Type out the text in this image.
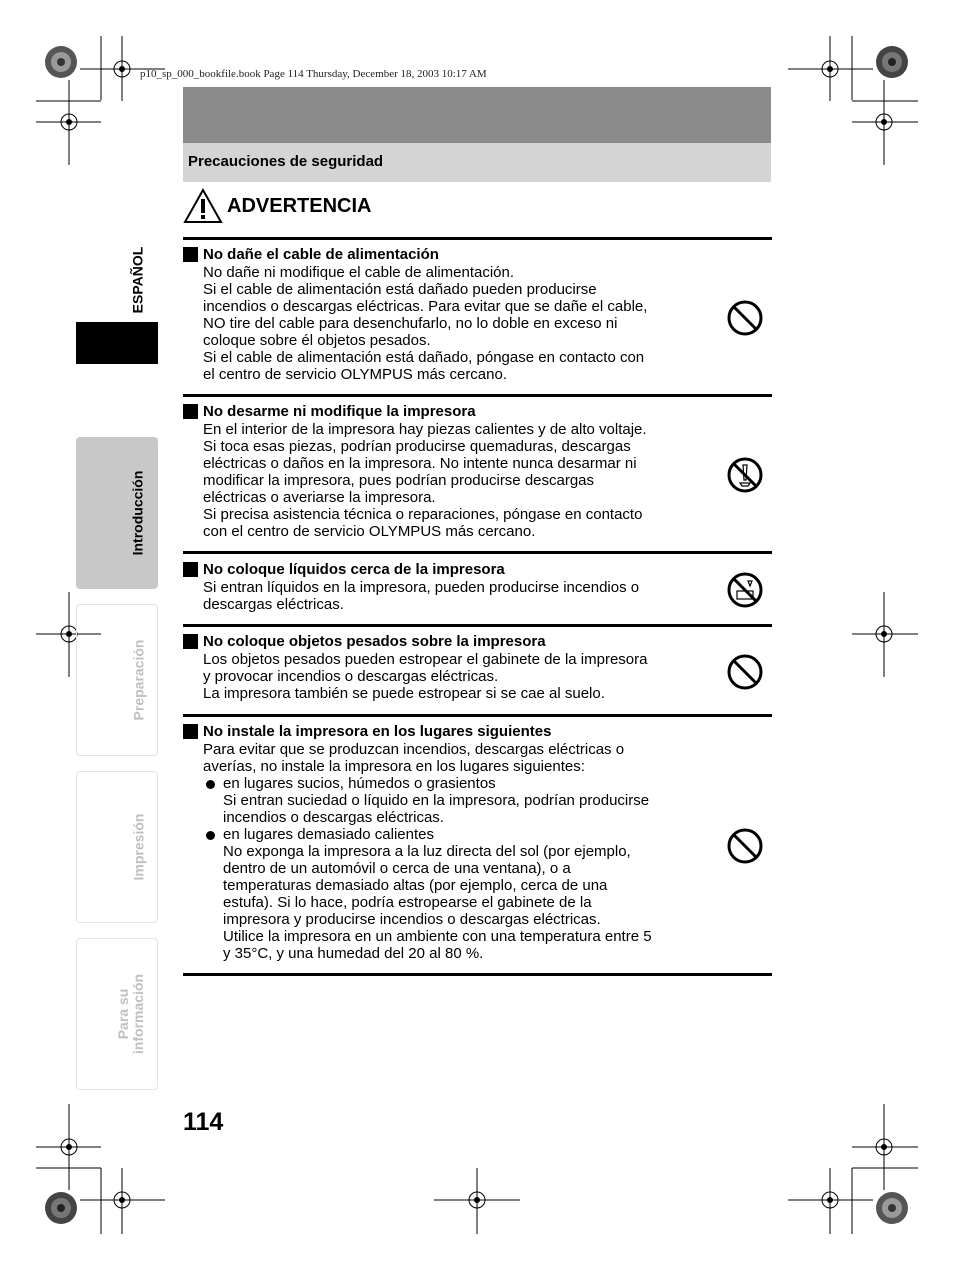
p10_sp_000_bookfile.book Page 114 Thursday, December 18, 2003 10:17 AM
Precauciones de seguridad
ADVERTENCIA
ESPAÑOL
Introducción
Preparación
Impresión
Para su información
No dañe el cable de alimentación

No dañe ni modifique el cable de alimentación.

Si el cable de alimentación está dañado pueden producirse

incendios o descargas eléctricas. Para evitar que se dañe el cable,

NO tire del cable para desenchufarlo, no lo doble en exceso ni

coloque sobre él objetos pesados.

Si el cable de alimentación está dañado, póngase en contacto con

el centro de servicio OLYMPUS más cercano.

No desarme ni modifique la impresora

En el interior de la impresora hay piezas calientes y de alto voltaje.

Si toca esas piezas, podrían producirse quemaduras, descargas

eléctricas o daños en la impresora. No intente nunca desarmar ni

modificar la impresora, pues podrían producirse descargas

eléctricas o averiarse la impresora.

Si precisa asistencia técnica o reparaciones, póngase en contacto

con el centro de servicio OLYMPUS más cercano.

No coloque líquidos cerca de la impresora

Si entran líquidos en la impresora, pueden producirse incendios o

descargas eléctricas.

No coloque objetos pesados sobre la impresora

Los objetos pesados pueden estropear el gabinete de la impresora

y provocar incendios o descargas eléctricas.

La impresora también se puede estropear si se cae al suelo.

No instale la impresora en los lugares siguientes

Para evitar que se produzcan incendios, descargas eléctricas o

averías, no instale la impresora en los lugares siguientes:

en lugares sucios, húmedos o grasientos

Si entran suciedad o líquido en la impresora, podrían producirse

incendios o descargas eléctricas.

en lugares demasiado calientes

No exponga la impresora a la luz directa del sol (por ejemplo,

dentro de un automóvil o cerca de una ventana), o a

temperaturas demasiado altas (por ejemplo, cerca de una

estufa). Si lo hace, podría estropearse el gabinete de la

impresora y producirse incendios o descargas eléctricas.

Utilice la impresora en un ambiente con una temperatura entre 5

y 35°C, y una humedad del 20 al 80 %.

114
